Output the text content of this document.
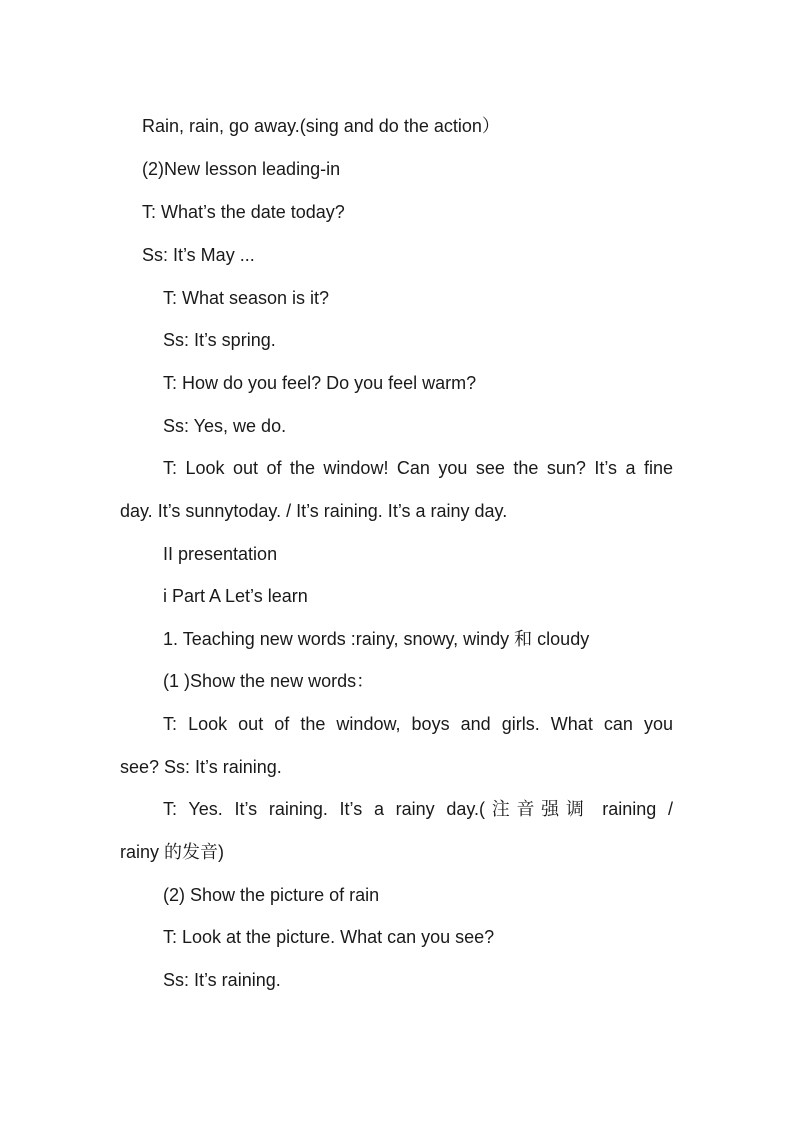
Rain, rain, go away.(sing and do the action）
(2)New lesson leading-in
T: What’s the date today?
Ss: It’s May ...
T: What season is it?
Ss: It’s spring.
T: How do you feel? Do you feel warm?
Ss: Yes, we do.
T: Look out of the window! Can you see the sun? It’s a fine
day. It’s sunnytoday. / It’s raining. It’s a rainy day.
II presentation
i Part A Let’s learn
1. Teaching new words :rainy, snowy, windy 和 cloudy
(1 )Show the new words：
T: Look out of the window, boys and girls. What can you
see? Ss: It’s raining.
T: Yes. It’s raining. It’s a rainy day.(注音强调 raining /
rainy 的发音)
(2) Show the picture of rain
T: Look at the picture. What can you see?
Ss: It’s raining.
